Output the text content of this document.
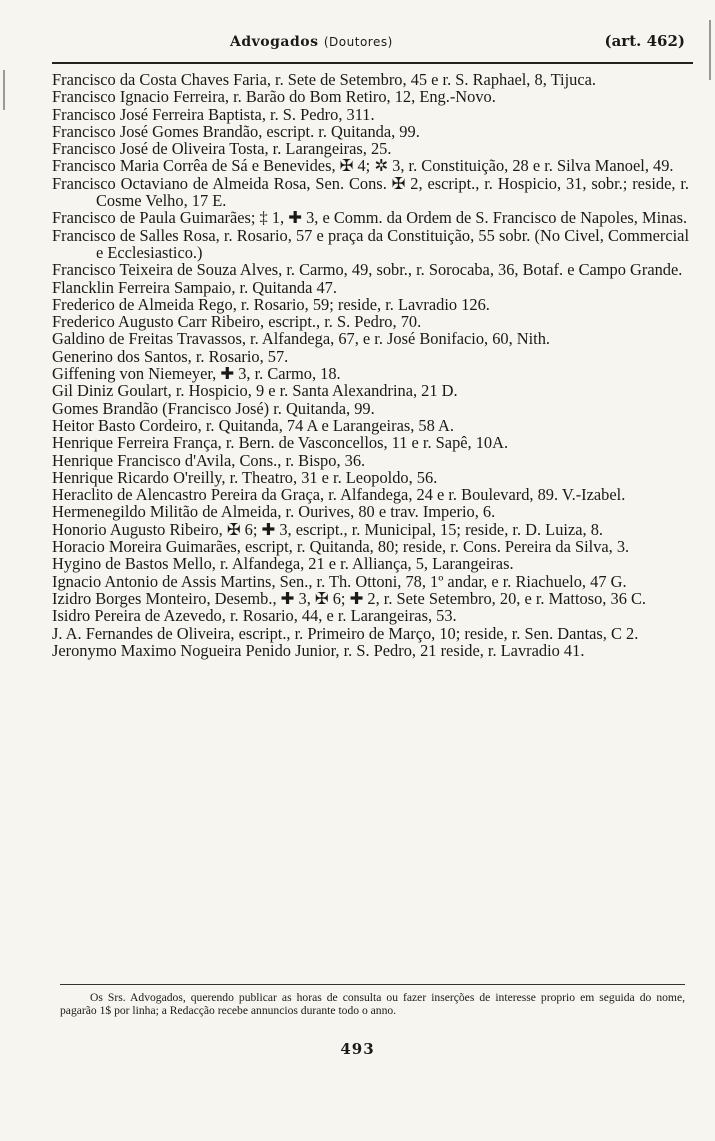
Advogados (Doutores)	(art. 462)
Francisco da Costa Chaves Faria, r. Sete de Setembro, 45 e r. S. Raphael, 8, Tijuca.
Francisco Ignacio Ferreira, r. Barão do Bom Retiro, 12, Eng.-Novo.
Francisco José Ferreira Baptista, r. S. Pedro, 311.
Francisco José Gomes Brandão, escript. r. Quitanda, 99.
Francisco José de Oliveira Tosta, r. Larangeiras, 25.
Francisco Maria Corrêa de Sá e Benevides, ✠ 4; ✲ 3, r. Constituição, 28 e r. Silva Manoel, 49.
Francisco Octaviano de Almeida Rosa, Sen. Cons. ✠ 2, escript., r. Hospicio, 31, sobr.; reside, r. Cosme Velho, 17 E.
Francisco de Paula Guimarães; ‡ 1, ✚ 3, e Comm. da Ordem de S. Francisco de Napoles, Minas.
Francisco de Salles Rosa, r. Rosario, 57 e praça da Constituição, 55 sobr. (No Civel, Commercial e Ecclesiastico.)
Francisco Teixeira de Souza Alves, r. Carmo, 49, sobr., r. Sorocaba, 36, Botaf. e Campo Grande.
Flancklin Ferreira Sampaio, r. Quitanda 47.
Frederico de Almeida Rego, r. Rosario, 59; reside, r. Lavradio 126.
Frederico Augusto Carr Ribeiro, escript., r. S. Pedro, 70.
Galdino de Freitas Travassos, r. Alfandega, 67, e r. José Bonifacio, 60, Nith.
Generino dos Santos, r. Rosario, 57.
Giffening von Niemeyer, ✚ 3, r. Carmo, 18.
Gil Diniz Goulart, r. Hospicio, 9 e r. Santa Alexandrina, 21 D.
Gomes Brandão (Francisco José) r. Quitanda, 99.
Heitor Basto Cordeiro, r. Quitanda, 74 A e Larangeiras, 58 A.
Henrique Ferreira França, r. Bern. de Vasconcellos, 11 e r. Sapê, 10A.
Henrique Francisco d'Avila, Cons., r. Bispo, 36.
Henrique Ricardo O'reilly, r. Theatro, 31 e r. Leopoldo, 56.
Heraclito de Alencastro Pereira da Graça, r. Alfandega, 24 e r. Boulevard, 89. V.-Izabel.
Hermenegildo Militão de Almeida, r. Ourives, 80 e trav. Imperio, 6.
Honorio Augusto Ribeiro, ✠ 6; ✚ 3, escript., r. Municipal, 15; reside, r. D. Luiza, 8.
Horacio Moreira Guimarães, escript, r. Quitanda, 80; reside, r. Cons. Pereira da Silva, 3.
Hygino de Bastos Mello, r. Alfandega, 21 e r. Alliança, 5, Larangeiras.
Ignacio Antonio de Assis Martins, Sen., r. Th. Ottoni, 78, 1º andar, e r. Riachuelo, 47 G.
Izidro Borges Monteiro, Desemb., ✚ 3, ✠ 6; ✚ 2, r. Sete Setembro, 20, e r. Mattoso, 36 C.
Isidro Pereira de Azevedo, r. Rosario, 44, e r. Larangeiras, 53.
J. A. Fernandes de Oliveira, escript., r. Primeiro de Março, 10; reside, r. Sen. Dantas, C 2.
Jeronymo Maximo Nogueira Penido Junior, r. S. Pedro, 21 reside, r. Lavradio 41.
Os Srs. Advogados, querendo publicar as horas de consulta ou fazer inserções de interesse proprio em seguida do nome, pagarão 1$ por linha; a Redacção recebe annuncios durante todo o anno.
493
